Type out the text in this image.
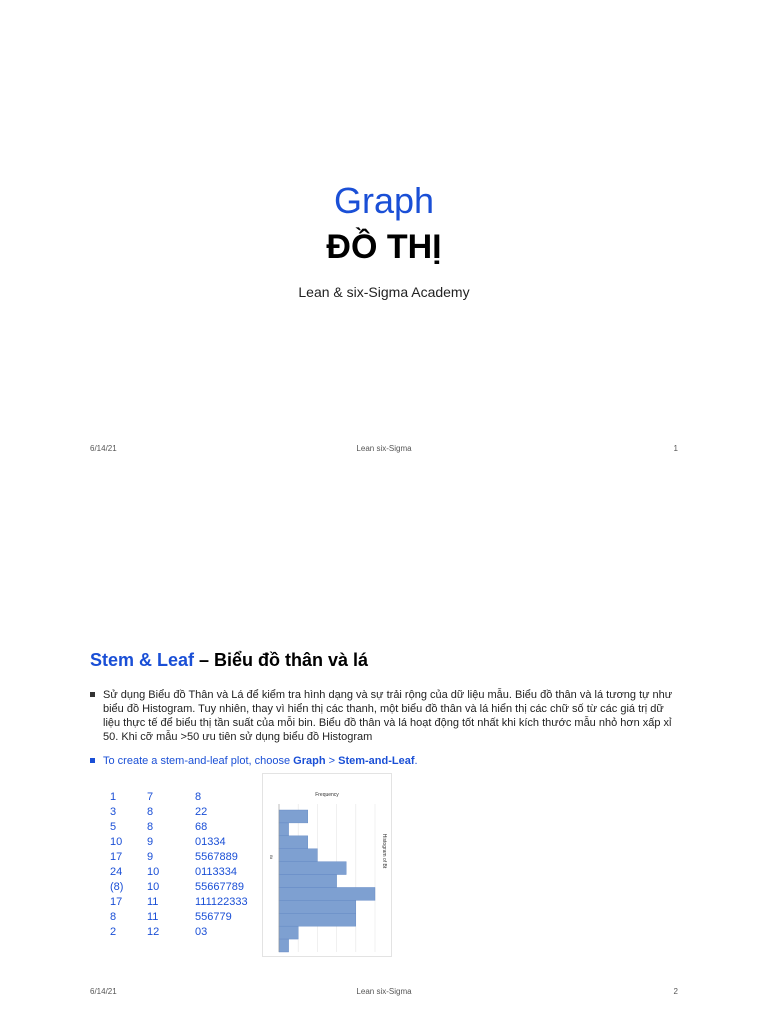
Graph
ĐỒ THỊ
Lean & six-Sigma Academy
6/14/21	Lean six-Sigma	1
Stem & Leaf – Biểu đồ thân và lá
Sử dụng Biểu đồ Thân và Lá để kiểm tra hình dạng và sự trải rộng của dữ liệu mẫu. Biểu đồ thân và lá tương tự như biểu đồ Histogram. Tuy nhiên, thay vì hiển thị các thanh, một biểu đồ thân và lá hiển thị các chữ số từ các giá trị dữ liệu thực tế để biểu thị tần suất của mỗi bin. Biểu đồ thân và lá hoạt động tốt nhất khi kích thước mẫu nhỏ hơn xấp xỉ 50. Khi cỡ mẫu >50 ưu tiên sử dụng biểu đồ Histogram
To create a stem-and-leaf plot, choose Graph > Stem-and-Leaf.
1	7	8
3	8	22
5	8	68
10 9	01334
17 9	5567889
24 10	0113334
(8) 10	55667789
17 11	111122333
8	11	556779
2	12	03
Frequency
Histogram of Bt
Bt
6/14/21	Lean six-Sigma	2
